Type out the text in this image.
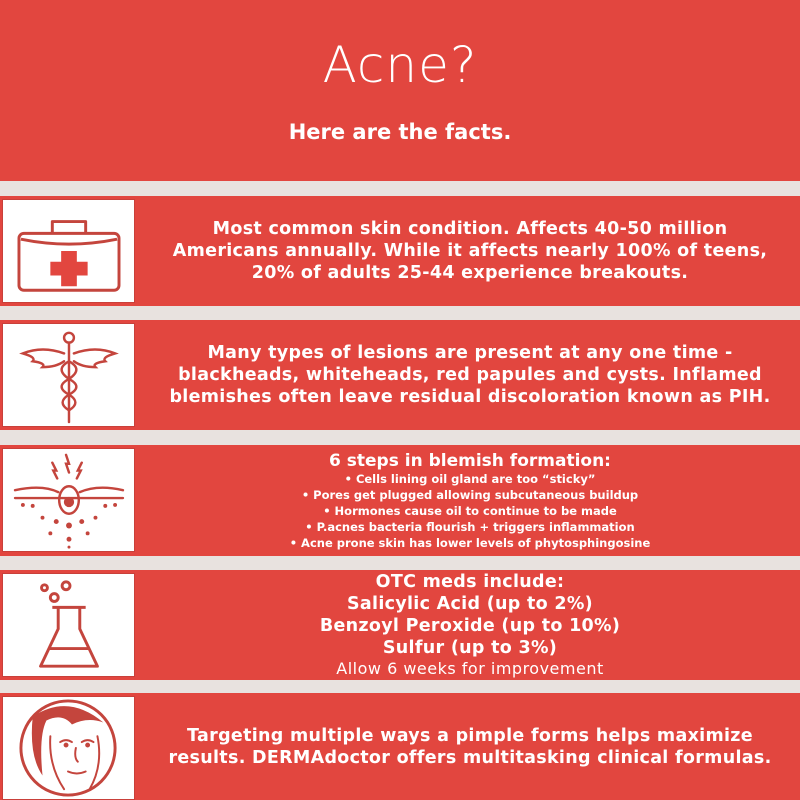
Acne?
Here are the facts.
Most common skin condition. Affects 40-50 million
Americans annually. While it affects nearly 100% of teens,
20% of adults 25-44 experience breakouts.
Many types of lesions are present at any one time -
blackheads, whiteheads, red papules and cysts. Inflamed
blemishes often leave residual discoloration known as PIH.
6 steps in blemish formation:
• Cells lining oil gland are too “sticky”
• Pores get plugged allowing subcutaneous buildup
• Hormones cause oil to continue to be made
• P.acnes bacteria flourish + triggers inflammation
• Acne prone skin has lower levels of phytosphingosine
OTC meds include:
Salicylic Acid (up to 2%)
Benzoyl Peroxide (up to 10%)
Sulfur (up to 3%)
Allow 6 weeks for improvement
Targeting multiple ways a pimple forms helps maximize
results. DERMAdoctor offers multitasking clinical formulas.
